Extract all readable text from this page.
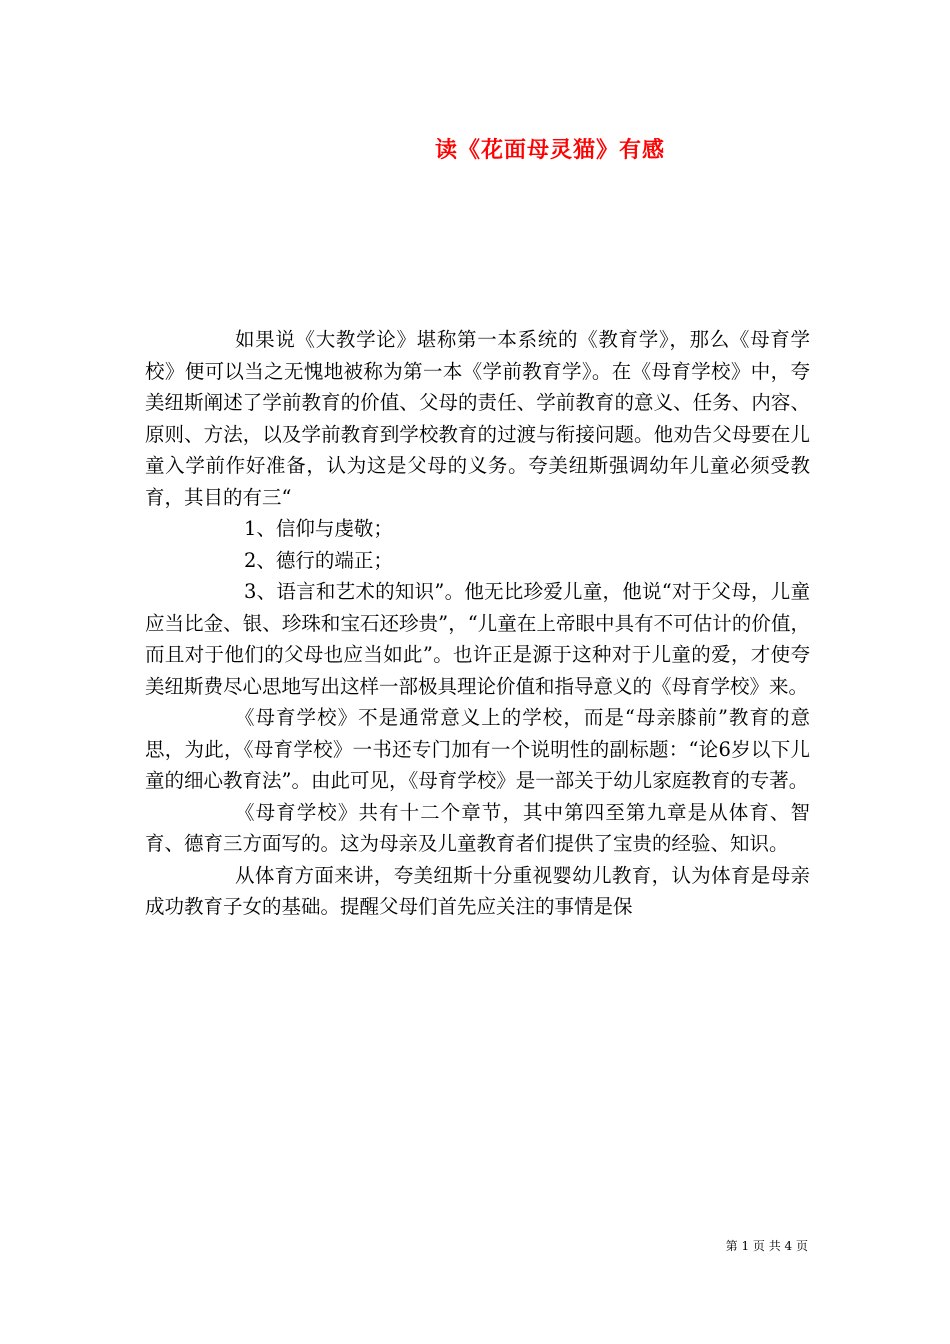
读《花面母灵猫》有感

如果说《大教学论》堪称第一本系统的《教育学》，那么《母育学校》便可以当之无愧地被称为第一本《学前教育学》。在《母育学校》中，夸美纽斯阐述了学前教育的价值、父母的责任、学前教育的意义、任务、内容、原则、方法，以及学前教育到学校教育的过渡与衔接问题。他劝告父母要在儿童入学前作好准备，认为这是父母的义务。夸美纽斯强调幼年儿童必须受教育，其目的有三“

1、信仰与虔敬；

2、德行的端正；

3、语言和艺术的知识”。他无比珍爱儿童，他说“对于父母，儿童应当比金、银、珍珠和宝石还珍贵”，“儿童在上帝眼中具有不可估计的价值，而且对于他们的父母也应当如此”。也许正是源于这种对于儿童的爱，才使夸美纽斯费尽心思地写出这样一部极具理论价值和指导意义的《母育学校》来。

《母育学校》不是通常意义上的学校，而是“母亲膝前”教育的意思，为此，《母育学校》一书还专门加有一个说明性的副标题：“论6岁以下儿童的细心教育法”。由此可见，《母育学校》是一部关于幼儿家庭教育的专著。

《母育学校》共有十二个章节，其中第四至第九章是从体育、智育、德育三方面写的。这为母亲及儿童教育者们提供了宝贵的经验、知识。

从体育方面来讲，夸美纽斯十分重视婴幼儿教育，认为体育是母亲成功教育子女的基础。提醒父母们首先应关注的事情是保

第 1 页 共 4 页
